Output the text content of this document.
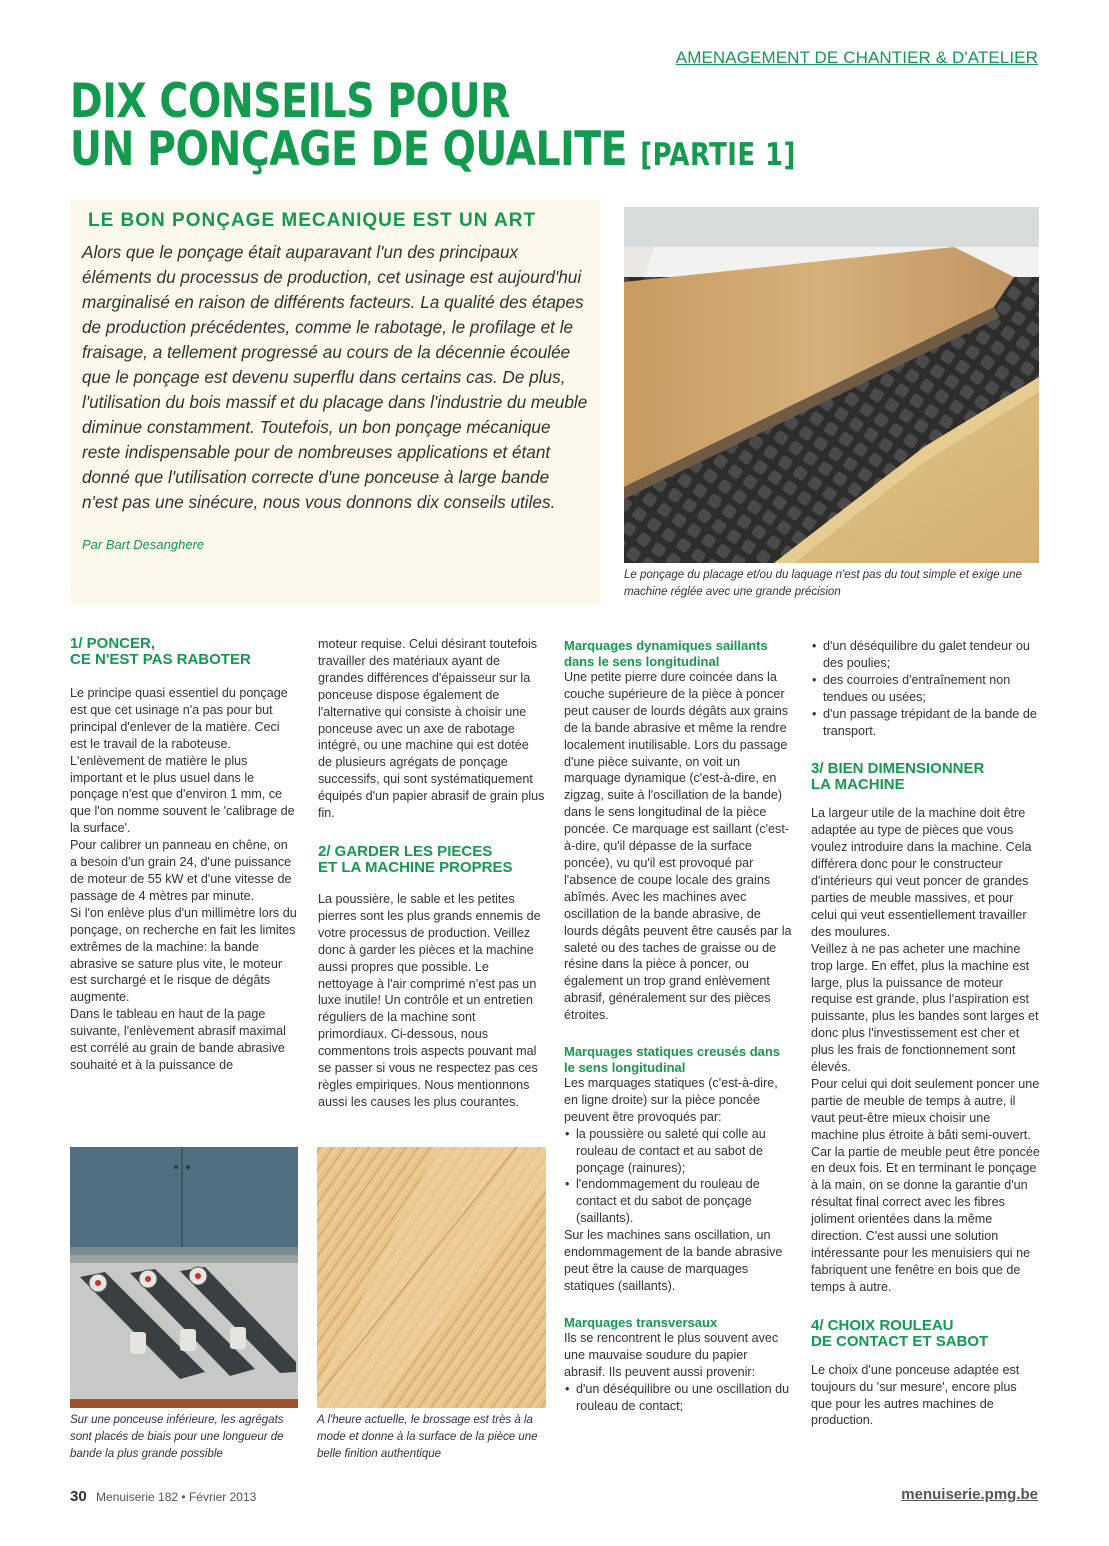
AMENAGEMENT DE CHANTIER & D'ATELIER
DIX CONSEILS POUR
UN PONÇAGE DE QUALITE [PARTIE 1]
LE BON PONÇAGE MECANIQUE EST UN ART

Alors que le ponçage était auparavant l'un des principaux éléments du processus de production, cet usinage est aujourd'hui marginalisé en raison de différents facteurs. La qualité des étapes de production précédentes, comme le rabotage, le profilage et le fraisage, a tellement progressé au cours de la décennie écoulée que le ponçage est devenu superflu dans certains cas. De plus, l'utilisation du bois massif et du placage dans l'industrie du meuble diminue constamment. Toutefois, un bon ponçage mécanique reste indispensable pour de nombreuses applications et étant donné que l'utilisation correcte d'une ponceuse à large bande n'est pas une sinécure, nous vous donnons dix conseils utiles.

Par Bart Desanghere

Le ponçage du placage et/ou du laquage n'est pas du tout simple et exige une machine réglée avec une grande précision
1/ PONCER,
CE N'EST PAS RABOTER

Le principe quasi essentiel du ponçage est que cet usinage n'a pas pour but principal d'enlever de la matière. Ceci est le travail de la raboteuse.

L'enlèvement de matière le plus important et le plus usuel dans le ponçage n'est que d'environ 1 mm, ce que l'on nomme souvent le 'calibrage de la surface'.

Pour calibrer un panneau en chêne, on a besoin d'un grain 24, d'une puissance de moteur de 55 kW et d'une vitesse de passage de 4 mètres par minute.

Si l'on enlève plus d'un millimètre lors du ponçage, on recherche en fait les limites extrêmes de la machine: la bande abrasive se sature plus vite, le moteur est surchargé et le risque de dégâts augmente.

Dans le tableau en haut de la page suivante, l'enlèvement abrasif maximal est corrélé au grain de bande abrasive souhaité et à la puissance de

moteur requise. Celui désirant toutefois travailler des matériaux ayant de grandes différences d'épaisseur sur la ponceuse dispose également de l'alternative qui consiste à choisir une ponceuse avec un axe de rabotage intégré, ou une machine qui est dotée de plusieurs agrégats de ponçage successifs, qui sont systématiquement équipés d'un papier abrasif de grain plus fin.

2/ GARDER LES PIECES
ET LA MACHINE PROPRES

La poussière, le sable et les petites pierres sont les plus grands ennemis de votre processus de production. Veillez donc à garder les pièces et la machine aussi propres que possible. Le nettoyage à l'air comprimé n'est pas un luxe inutile! Un contrôle et un entretien réguliers de la machine sont primordiaux. Ci-dessous, nous commentons trois aspects pouvant mal se passer si vous ne respectez pas ces règles empiriques. Nous mentionnons aussi les causes les plus courantes.

Marquages dynamiques saillants dans le sens longitudinal

Une petite pierre dure coincée dans la couche supérieure de la pièce à poncer peut causer de lourds dégâts aux grains de la bande abrasive et même la rendre localement inutilisable. Lors du passage d'une pièce suivante, on voit un marquage dynamique (c'est-à-dire, en zigzag, suite à l'oscillation de la bande) dans le sens longitudinal de la pièce poncée. Ce marquage est saillant (c'est-à-dire, qu'il dépasse de la surface poncée), vu qu'il est provoqué par l'absence de coupe locale des grains abîmés. Avec les machines avec oscillation de la bande abrasive, de lourds dégâts peuvent être causés par la saleté ou des taches de graisse ou de résine dans la pièce à poncer, ou également un trop grand enlèvement abrasif, généralement sur des pièces étroites.

Marquages statiques creusés dans le sens longitudinal

Les marquages statiques (c'est-à-dire, en ligne droite) sur la pièce poncée peuvent être provoqués par:

• la poussière ou saleté qui colle au rouleau de contact et au sabot de ponçage (rainures);
• l'endommagement du rouleau de contact et du sabot de ponçage (saillants).

Sur les machines sans oscillation, un endommagement de la bande abrasive peut être la cause de marquages statiques (saillants).

Marquages transversaux

Ils se rencontrent le plus souvent avec une mauvaise soudure du papier abrasif. Ils peuvent aussi provenir:

• d'un déséquilibre ou une oscillation du rouleau de contact;
• d'un déséquilibre du galet tendeur ou des poulies;
• des courroies d'entraînement non tendues ou usées;
• d'un passage trépidant de la bande de transport.
3/ BIEN DIMENSIONNER
LA MACHINE

La largeur utile de la machine doit être adaptée au type de pièces que vous voulez introduire dans la machine. Cela différera donc pour le constructeur d'intérieurs qui veut poncer de grandes parties de meuble massives, et pour celui qui veut essentiellement travailler des moulures.

Veillez à ne pas acheter une machine trop large. En effet, plus la machine est large, plus la puissance de moteur requise est grande, plus l'aspiration est puissante, plus les bandes sont larges et donc plus l'investissement est cher et plus les frais de fonctionnement sont élevés.

Pour celui qui doit seulement poncer une partie de meuble de temps à autre, il vaut peut-être mieux choisir une machine plus étroite à bâti semi-ouvert. Car la partie de meuble peut être poncée en deux fois. Et en terminant le ponçage à la main, on se donne la garantie d'un résultat final correct avec les fibres joliment orientées dans la même direction. C'est aussi une solution intéressante pour les menuisiers qui ne fabriquent une fenêtre en bois que de temps à autre.

4/ CHOIX ROULEAU
DE CONTACT ET SABOT

Le choix d'une ponceuse adaptée est toujours du 'sur mesure', encore plus que pour les autres machines de production.

Sur une ponceuse inférieure, les agrégats sont placés de biais pour une longueur de bande la plus grande possible
A l'heure actuelle, le brossage est très à la mode et donne à la surface de la pièce une belle finition authentique
30 Menuiserie 182 • Février 2013	menuiserie.pmg.be
